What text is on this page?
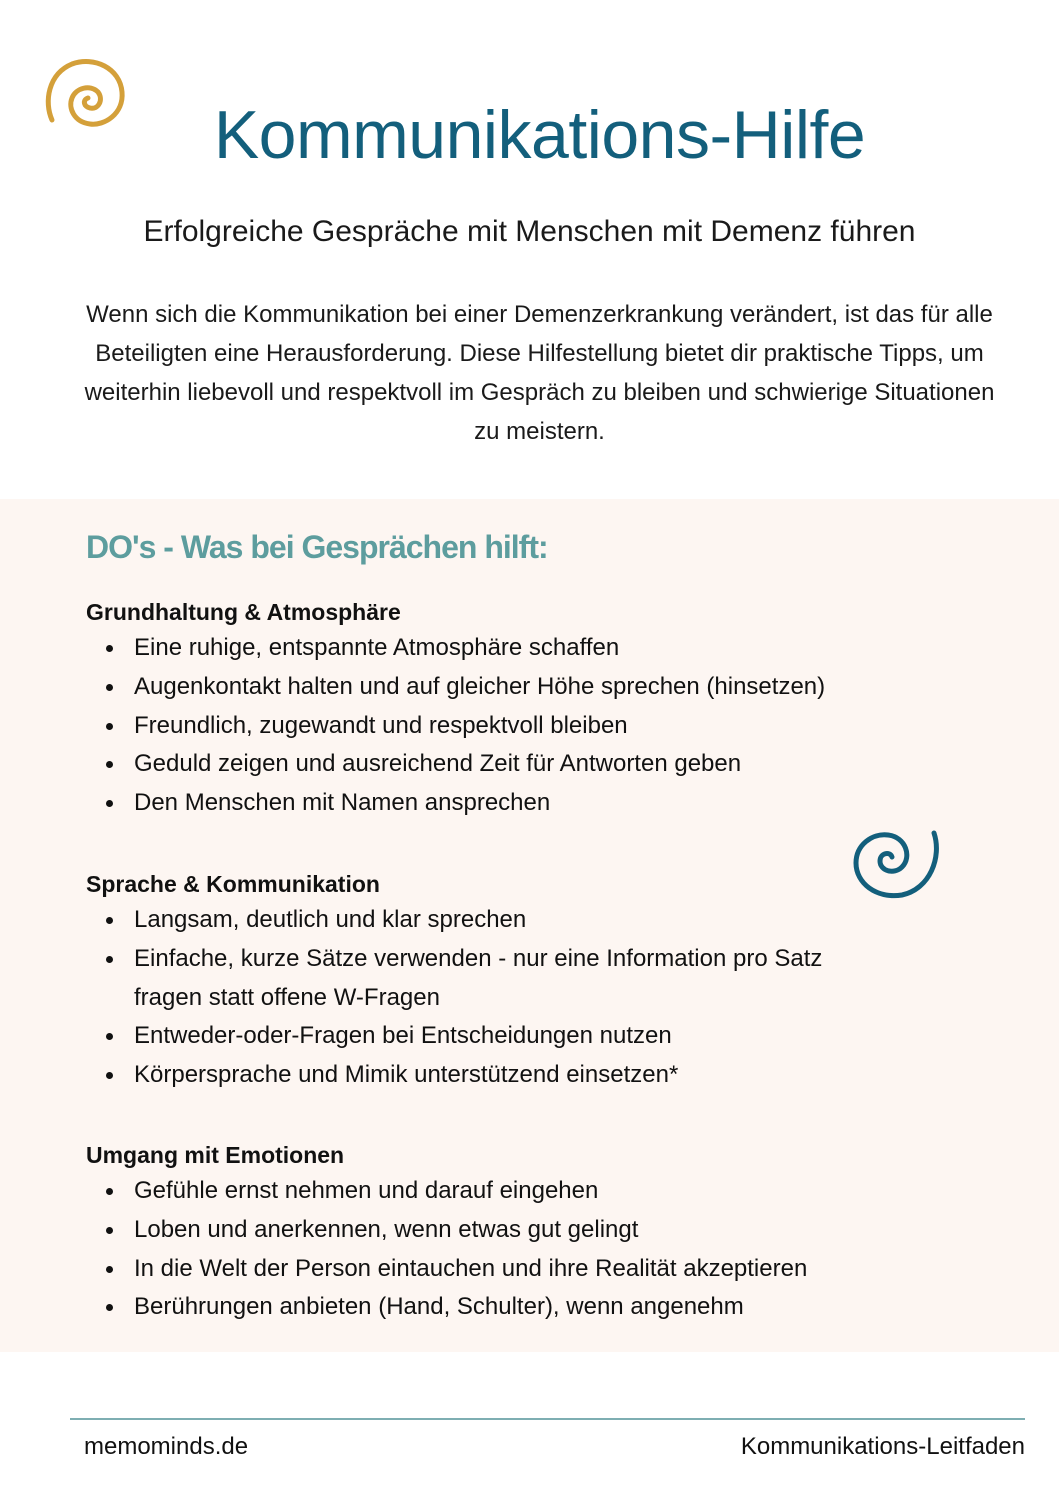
Kommunikations-Hilfe
Erfolgreiche Gespräche mit Menschen mit Demenz führen
Wenn sich die Kommunikation bei einer Demenzerkrankung verändert, ist das für alle Beteiligten eine Herausforderung. Diese Hilfestellung bietet dir praktische Tipps, um weiterhin liebevoll und respektvoll im Gespräch zu bleiben und schwierige Situationen zu meistern.
DO's - Was bei Gesprächen hilft:
Grundhaltung & Atmosphäre
Eine ruhige, entspannte Atmosphäre schaffen
Augenkontakt halten und auf gleicher Höhe sprechen (hinsetzen)
Freundlich, zugewandt und respektvoll bleiben
Geduld zeigen und ausreichend Zeit für Antworten geben
Den Menschen mit Namen ansprechen
Sprache & Kommunikation
Langsam, deutlich und klar sprechen
Einfache, kurze Sätze verwenden - nur eine Information pro Satz
fragen statt offene W-Fragen
Entweder-oder-Fragen bei Entscheidungen nutzen
Körpersprache und Mimik unterstützend einsetzen*
Umgang mit Emotionen
Gefühle ernst nehmen und darauf eingehen
Loben und anerkennen, wenn etwas gut gelingt
In die Welt der Person eintauchen und ihre Realität akzeptieren
Berührungen anbieten (Hand, Schulter), wenn angenehm
memominds.de	Kommunikations-Leitfaden
